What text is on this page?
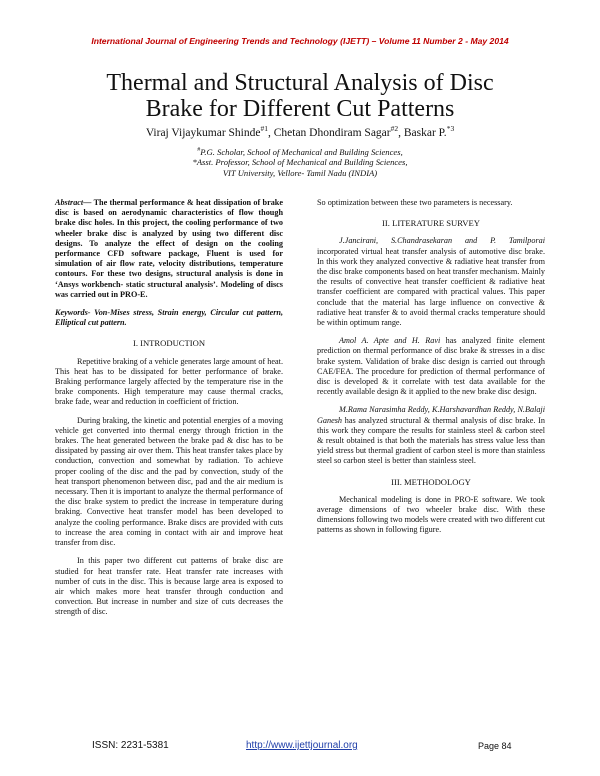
International Journal of Engineering Trends and Technology (IJETT) – Volume 11 Number 2 - May 2014
Thermal and Structural Analysis of Disc
Brake for Different Cut Patterns
Viraj Vijaykumar Shinde$^{\#1}$, Chetan Dhondiram Sagar$^{\#2}$, Baskar P.$^{*3}$
#P.G. Scholar, School of Mechanical and Building Sciences,
*Asst. Professor, School of Mechanical and Building Sciences,
VIT University, Vellore- Tamil Nadu (INDIA)

Abstract— The thermal performance & heat dissipation of brake disc is based on aerodynamic characteristics of flow though brake disc holes. In this project, the cooling performance of two wheeler brake disc is analyzed by using two different disc designs. To analyze the effect of design on the cooling performance CFD software package, Fluent is used for simulation of air flow rate, velocity distributions, temperature contours. For these two designs, structural analysis is done in ‘Ansys workbench- static structural analysis’. Modeling of discs was carried out in PRO-E.

Keywords- Von-Mises stress, Strain energy, Circular cut pattern, Elliptical cut pattern.

I. INTRODUCTION

Repetitive braking of a vehicle generates large amount of heat. This heat has to be dissipated for better performance of brake. Braking performance largely affected by the temperature rise in the brake components. High temperature may cause thermal cracks, brake fade, wear and reduction in coefficient of friction.

During braking, the kinetic and potential energies of a moving vehicle get converted into thermal energy through friction in the brakes. The heat generated between the brake pad & disc has to be dissipated by passing air over them. This heat transfer takes place by conduction, convection and somewhat by radiation. To achieve proper cooling of the disc and the pad by convection, study of the heat transport phenomenon between disc, pad and the air medium is necessary. Then it is important to analyze the thermal performance of the disc brake system to predict the increase in temperature during braking. Convective heat transfer model has been developed to analyze the cooling performance. Brake discs are provided with cuts to increase the area coming in contact with air and improve heat transfer from disc.

In this paper two different cut patterns of brake disc are studied for heat transfer rate. Heat transfer rate increases with number of cuts in the disc. This is because large area is exposed to air which makes more heat transfer through conduction and convection. But increase in number and size of cuts decreases the strength of disc.

So optimization between these two parameters is necessary.

II. LITERATURE SURVEY

J.Jancirani, S.Chandrasekaran and P. Tamilporai incorporated virtual heat transfer analysis of automotive disc brake. In this work they analyzed convective & radiative heat transfer from the disc brake components based on heat transfer mechanism. Mainly the results of convective heat transfer coefficient & radiative heat transfer coefficient are compared with practical values. This paper conclude that the material has large influence on convective & radiative heat transfer & to avoid thermal cracks temperature should be within optimum range.

Amol A. Apte and H. Ravi has analyzed finite element prediction on thermal performance of disc brake & stresses in a disc brake system. Validation of brake disc design is carried out through CAE/FEA. The procedure for prediction of thermal performance of disc is developed & it correlate with test data available for the recently available design & it applied to the new brake disc design.

M.Rama Narasimha Reddy, K.Harshavardhan Reddy, N.Balaji Ganesh has analyzed structural & thermal analysis of disc brake. In this work they compare the results for stainless steel & carbon steel & result obtained is that both the materials has stress value less than yield stress but thermal gradient of carbon steel is more than stainless steel so carbon steel is better than stainless steel.

III. METHODOLOGY

Mechanical modeling is done in PRO-E software. We took average dimensions of two wheeler brake disc. With these dimensions following two models were created with two different cut patterns as shown in following figure.

ISSN: 2231-5381	http://www.ijettjournal.org	Page 84
